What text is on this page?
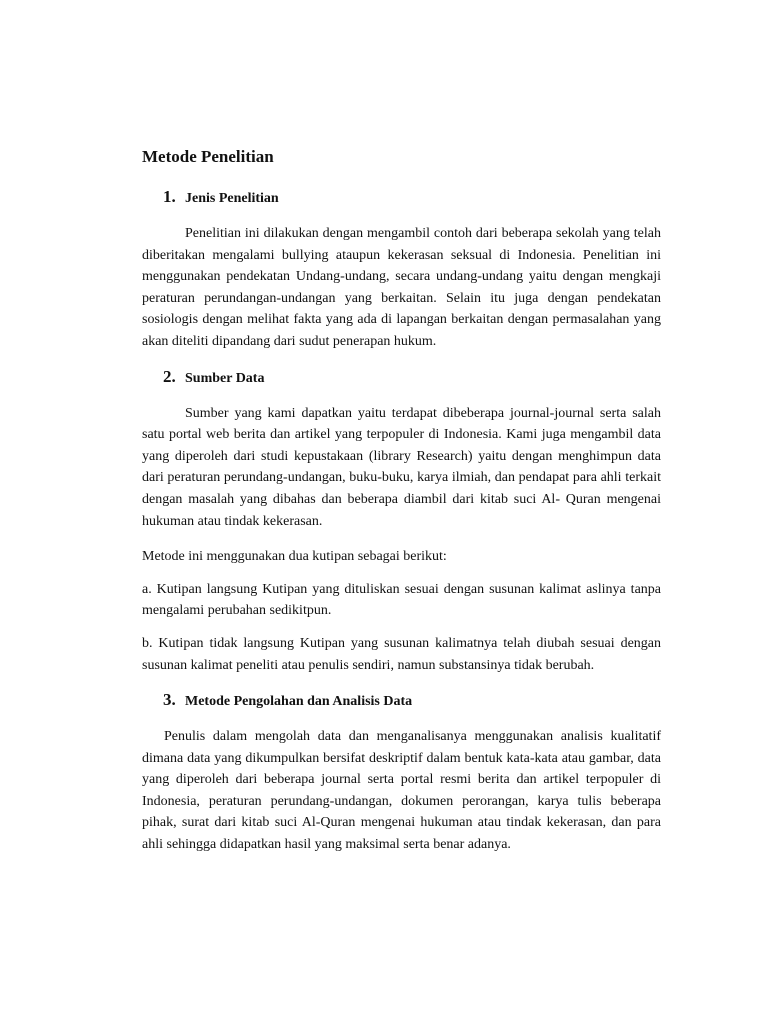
Metode Penelitian
1. Jenis Penelitian

Penelitian ini dilakukan dengan mengambil contoh dari beberapa sekolah yang telah diberitakan mengalami bullying ataupun kekerasan seksual di Indonesia. Penelitian ini menggunakan pendekatan Undang-undang, secara undang-undang yaitu dengan mengkaji peraturan perundangan-undangan yang berkaitan. Selain itu juga dengan pendekatan sosiologis dengan melihat fakta yang ada di lapangan berkaitan dengan permasalahan yang akan diteliti dipandang dari sudut penerapan hukum.

2. Sumber Data

Sumber yang kami dapatkan yaitu terdapat dibeberapa journal-journal serta salah satu portal web berita dan artikel yang terpopuler di Indonesia. Kami juga mengambil data yang diperoleh dari studi kepustakaan (library Research) yaitu dengan menghimpun data dari peraturan perundang-undangan, buku-buku, karya ilmiah, dan pendapat para ahli terkait dengan masalah yang dibahas dan beberapa diambil dari kitab suci Al- Quran mengenai hukuman atau tindak kekerasan.

Metode ini menggunakan dua kutipan sebagai berikut:

a. Kutipan langsung Kutipan yang dituliskan sesuai dengan susunan kalimat aslinya tanpa mengalami perubahan sedikitpun.

b. Kutipan tidak langsung Kutipan yang susunan kalimatnya telah diubah sesuai dengan susunan kalimat peneliti atau penulis sendiri, namun substansinya tidak berubah.

3. Metode Pengolahan dan Analisis Data

Penulis dalam mengolah data dan menganalisanya menggunakan analisis kualitatif dimana data yang dikumpulkan bersifat deskriptif dalam bentuk kata-kata atau gambar, data yang diperoleh dari beberapa journal serta portal resmi berita dan artikel terpopuler di Indonesia, peraturan perundang-undangan, dokumen perorangan, karya tulis beberapa pihak, surat dari kitab suci Al-Quran mengenai hukuman atau tindak kekerasan, dan para ahli sehingga didapatkan hasil yang maksimal serta benar adanya.
